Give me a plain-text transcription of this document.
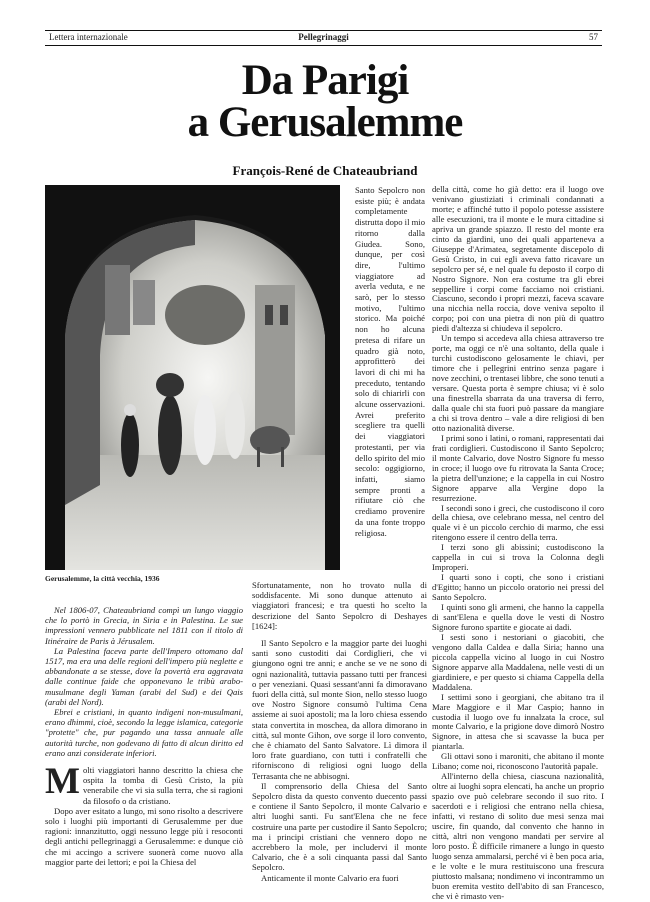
Lettera internazionale	Pellegrinaggi	57
Da Parigi
a Gerusalemme
François-René de Chateaubriand
Gerusalemme, la città vecchia, 1936

Santo Sepolcro non esiste più; è andata completamente distrutta dopo il mio ritorno dalla Giudea. Sono, dunque, per così dire, l'ultimo viaggiatore ad averla veduta, e ne sarò, per lo stesso motivo, l'ultimo storico. Ma poiché non ho alcuna pretesa di rifare un quadro già noto, approfitterò dei lavori di chi mi ha preceduto, tentando solo di chiarirli con alcune osservazioni. Avrei preferito scegliere tra quelli dei viaggiatori protestanti, per via dello spirito del mio secolo: oggigiorno, infatti, siamo sempre pronti a rifiutare ciò che crediamo provenire da una fonte troppo religiosa.

Sfortunatamente, non ho trovato nulla di soddisfacente. Mi sono dunque attenuto ai viaggiatori francesi; e tra questi ho scelto la descrizione del Santo Sepolcro di Deshayes [1624]:

Il Santo Sepolcro e la maggior parte dei luoghi santi sono custoditi dai Cordiglieri, che vi giungono ogni tre anni; e anche se ve ne sono di ogni nazionalità, tuttavia passano tutti per francesi o per veneziani. Quasi sessant'anni fa dimoravano fuori della città, sul monte Sion, nello stesso luogo ove Nostro Signore consumò l'ultima Cena assieme ai suoi apostoli; ma la loro chiesa essendo stata convertita in moschea, da allora dimorano in città, sul monte Gihon, ove sorge il loro convento, che è chiamato del Santo Salvatore. Lì dimora il loro frate guardiano, con tutti i confratelli che riforniscono di religiosi ogni luogo della Terrasanta che ne abbisogni.

Il comprensorio della Chiesa del Santo Sepolcro dista da questo convento duecento passi e contiene il Santo Sepolcro, il monte Calvario e altri luoghi santi. Fu sant'Elena che ne fece costruire una parte per custodire il Santo Sepolcro; ma i principi cristiani che vennero dopo ne accrebbero la mole, per includervi il monte Calvario, che è a soli cinquanta passi dal Santo Sepolcro.

Anticamente il monte Calvario era fuori

Nel 1806-07, Chateaubriand compì un lungo viaggio che lo portò in Grecia, in Siria e in Palestina. Le sue impressioni vennero pubblicate nel 1811 con il titolo di Itinéraire de Paris à Jérusalem.

La Palestina faceva parte dell'Impero ottomano dal 1517, ma era una delle regioni dell'impero più neglette e abbandonate a se stesse, dove la povertà era aggravata dalle continue faide che opponevano le tribù arabo-musulmane degli Yaman (arabi del Sud) e dei Qais (arabi del Nord).

Ebrei e cristiani, in quanto indigeni non-musulmani, erano dhimmi, cioè, secondo la legge islamica, categorie "protette" che, pur pagando una tassa annuale alle autorità turche, non godevano di fatto di alcun diritto ed erano anzi considerate inferiori.

Molti viaggiatori hanno descritto la chiesa che ospita la tomba di Gesù Cristo, la più venerabile che vi sia sulla terra, che si ragioni da filosofo o da cristiano.

Dopo aver esitato a lungo, mi sono risolto a descrivere solo i luoghi più importanti di Gerusalemme per due ragioni: innanzitutto, oggi nessuno legge più i resoconti degli antichi pellegrinaggi a Gerusalemme: e dunque ciò che mi accingo a scrivere suonerà come nuovo alla maggior parte dei lettori; e poi la Chiesa del

della città, come ho già detto: era il luogo ove venivano giustiziati i criminali condannati a morte; e affinché tutto il popolo potesse assistere alle esecuzioni, tra il monte e le mura cittadine si apriva un grande spiazzo. Il resto del monte era cinto da giardini, uno dei quali apparteneva a Giuseppe d'Arimatea, segretamente discepolo di Gesù Cristo, in cui egli aveva fatto ricavare un sepolcro per sé, e nel quale fu deposto il corpo di Nostro Signore. Non era costume tra gli ebrei seppellire i corpi come facciamo noi cristiani. Ciascuno, secondo i propri mezzi, faceva scavare una nicchia nella roccia, dove veniva sepolto il corpo; poi con una pietra di non più di quattro piedi d'altezza si chiudeva il sepolcro.

Un tempo si accedeva alla chiesa attraverso tre porte, ma oggi ce n'è una soltanto, della quale i turchi custodiscono gelosamente le chiavi, per timore che i pellegrini entrino senza pagare i nove zecchini, o trentasei libbre, che sono tenuti a versare. Questa porta è sempre chiusa; vi è solo una finestrella sbarrata da una traversa di ferro, dalla quale chi sta fuori può passare da mangiare a chi si trova dentro – vale a dire religiosi di ben otto nazionalità diverse.

I primi sono i latini, o romani, rappresentati dai frati cordiglieri. Custodiscono il Santo Sepolcro; il monte Calvario, dove Nostro Signore fu messo in croce; il luogo ove fu ritrovata la Santa Croce; la pietra dell'unzione; e la cappella in cui Nostro Signore apparve alla Vergine dopo la resurrezione.

I secondi sono i greci, che custodiscono il coro della chiesa, ove celebrano messa, nel centro del quale vi è un piccolo cerchio di marmo, che essi ritengono essere il centro della terra.

I terzi sono gli abissini; custodiscono la cappella in cui si trova la Colonna degli Improperi.

I quarti sono i copti, che sono i cristiani d'Egitto; hanno un piccolo oratorio nei pressi del Santo Sepolcro.

I quinti sono gli armeni, che hanno la cappella di sant'Elena e quella dove le vesti di Nostro Signore furono spartite e giocate ai dadi.

I sesti sono i nestoriani o giacobiti, che vengono dalla Caldea e dalla Siria; hanno una piccola cappella vicino al luogo in cui Nostro Signore apparve alla Maddalena, nelle vesti di un giardiniere, e per questo si chiama Cappella della Maddalena.

I settimi sono i georgiani, che abitano tra il Mare Maggiore e il Mar Caspio; hanno in custodia il luogo ove fu innalzata la croce, sul monte Calvario, e la prigione dove dimorò Nostro Signore, in attesa che si scavasse la buca per piantarla.

Gli ottavi sono i maroniti, che abitano il monte Libano; come noi, riconoscono l'autorità papale.

All'interno della chiesa, ciascuna nazionalità, oltre ai luoghi sopra elencati, ha anche un proprio spazio ove può celebrare secondo il suo rito. I sacerdoti e i religiosi che entrano nella chiesa, infatti, vi restano di solito due mesi senza mai uscire, fin quando, dal convento che hanno in città, altri non vengono mandati per servire al loro posto. È difficile rimanere a lungo in questo luogo senza ammalarsi, perché vi è ben poca aria, e le volte e le mura restituiscono una frescura piuttosto malsana; nondimeno vi incontrammo un buon eremita vestito dell'abito di san Francesco, che vi è rimasto ven-
